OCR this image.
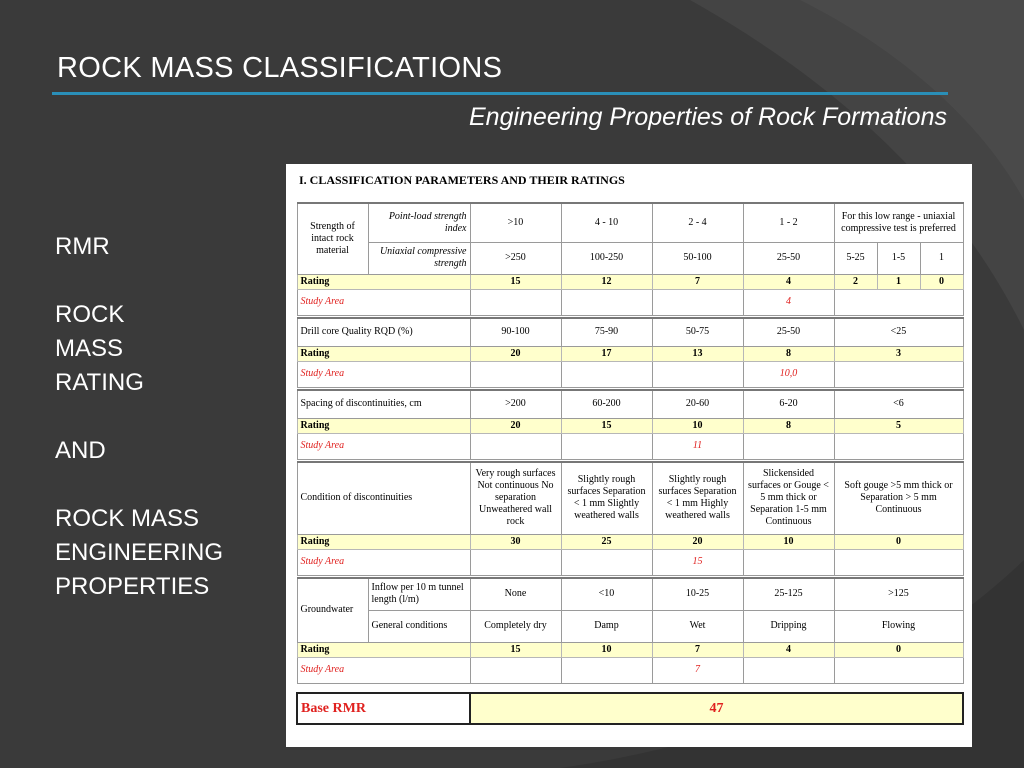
ROCK MASS CLASSIFICATIONS
Engineering Properties of Rock Formations
RMR
ROCK
MASS
RATING
AND
ROCK MASS
ENGINEERING
PROPERTIES
I. CLASSIFICATION PARAMETERS AND THEIR RATINGS
Strength of intact rock material	Point-load strength index	>10	4 - 10	2 - 4	1 - 2	For this low range - uniaxial compressive test is preferred		
	Uniaxial compressive strength	>250	100-250	50-100	25-50	5-25	1-5	1
Rating		15	12	7	4	2	1	0
Study Area					4			

Drill core Quality RQD (%)		90-100	75-90	50-75	25-50	<25		
Rating		20	17	13	8	3		
Study Area					10,0			

Spacing of discontinuities, cm		>200	60-200	20-60	6-20	<6		
Rating		20	15	10	8	5		
Study Area				11				

Condition of discontinuities		Very rough surfaces Not continuous No separation Unweathered wall rock	Slightly rough surfaces Separation < 1 mm Slightly weathered walls	Slightly rough surfaces Separation < 1 mm Highly weathered walls	Slickensided surfaces or Gouge < 5 mm thick or Separation 1-5 mm Continuous	Soft gouge >5 mm thick or Separation > 5 mm Continuous		
Rating		30	25	20	10	0		
Study Area				15				

Groundwater	Inflow per 10 m tunnel length (l/m)	None	<10	10-25	25-125	>125		
	General conditions	Completely dry	Damp	Wet	Dripping	Flowing		
Rating		15	10	7	4	0		
Study Area				7				

Base RMR		47						
